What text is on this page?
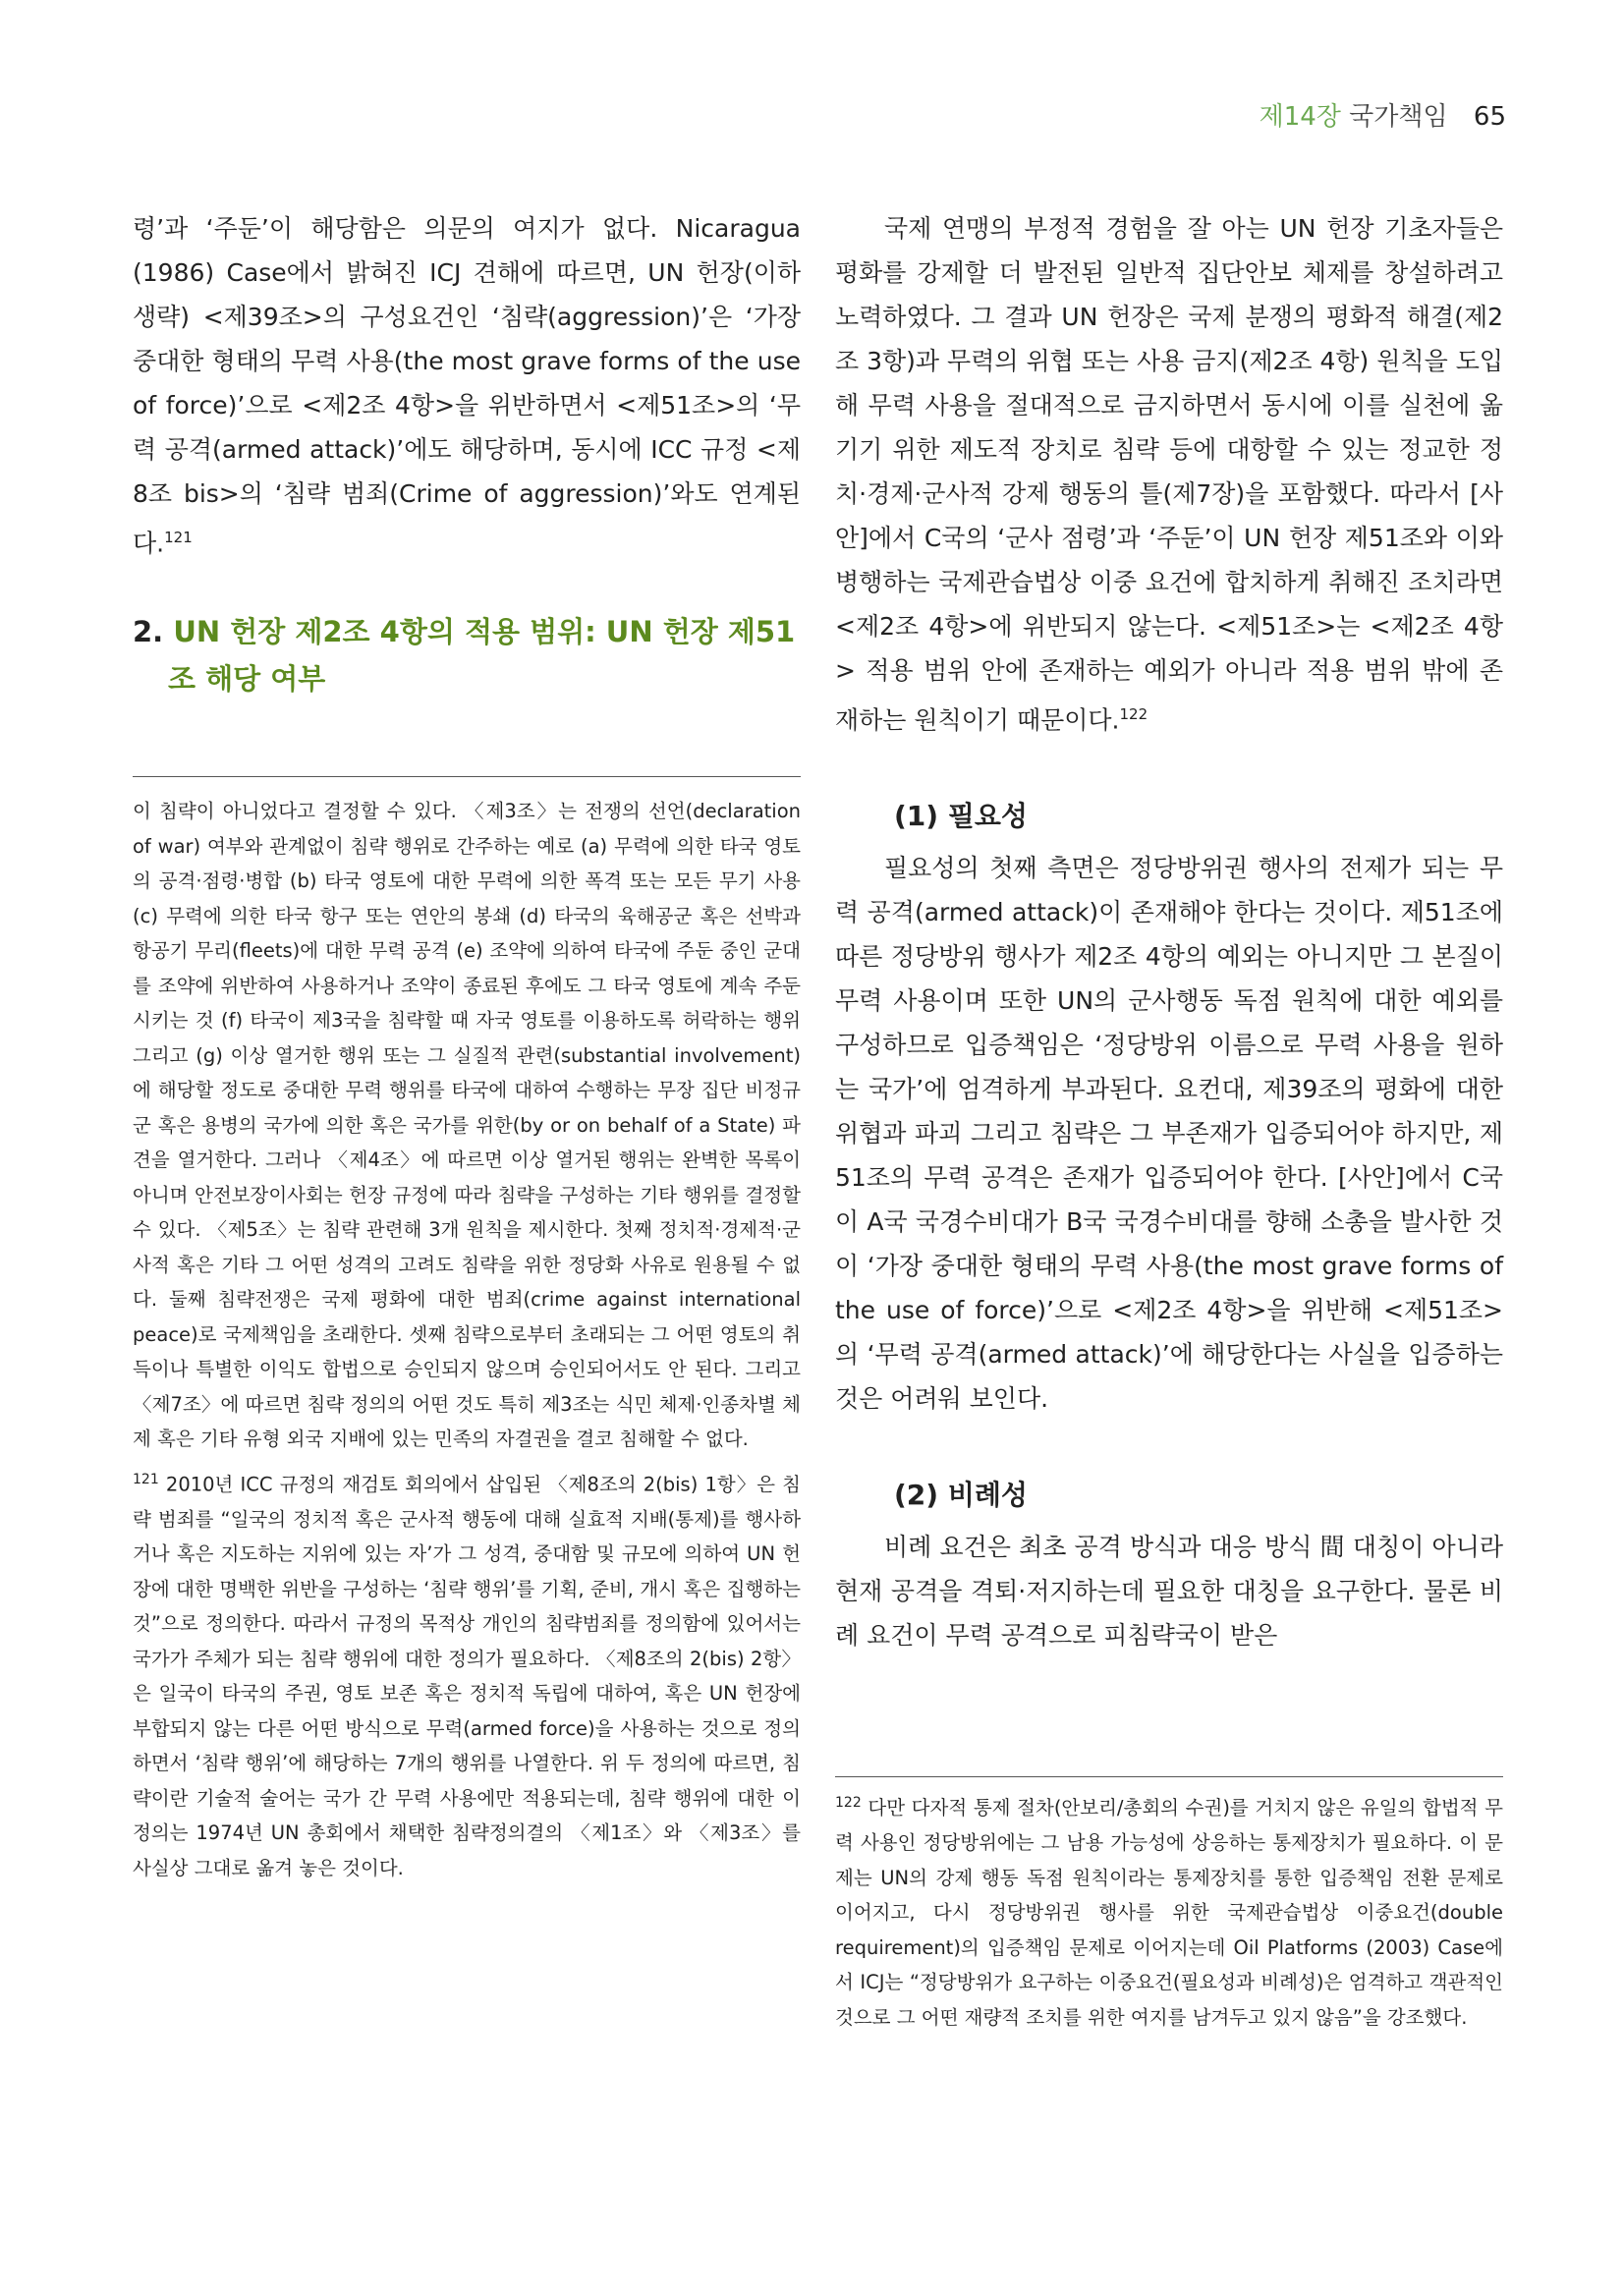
제14장 국가책임 65

령’과 ‘주둔’이 해당함은 의문의 여지가 없다. Nicaragua (1986) Case에서 밝혀진 ICJ 견해에 따르면, UN 헌장(이하 생략) <제39조>의 구성요건인 ‘침략(aggression)’은 ‘가장 중대한 형태의 무력 사용(the most grave forms of the use of force)’으로 <제2조 4항>을 위반하면서 <제51조>의 ‘무력 공격(armed attack)’에도 해당하며, 동시에 ICC 규정 <제8조 bis>의 ‘침략 범죄(Crime of aggression)’와도 연계된다.$^{121}$

2. UN 헌장 제2조 4항의 적용 범위: UN 헌장 제51조 해당 여부

이 침략이 아니었다고 결정할 수 있다. 〈제3조〉는 전쟁의 선언(declaration of war) 여부와 관계없이 침략 행위로 간주하는 예로 (a) 무력에 의한 타국 영토의 공격·점령·병합 (b) 타국 영토에 대한 무력에 의한 폭격 또는 모든 무기 사용 (c) 무력에 의한 타국 항구 또는 연안의 봉쇄 (d) 타국의 육해공군 혹은 선박과 항공기 무리(fleets)에 대한 무력 공격 (e) 조약에 의하여 타국에 주둔 중인 군대를 조약에 위반하여 사용하거나 조약이 종료된 후에도 그 타국 영토에 계속 주둔시키는 것 (f) 타국이 제3국을 침략할 때 자국 영토를 이용하도록 허락하는 행위 그리고 (g) 이상 열거한 행위 또는 그 실질적 관련(substantial involvement)에 해당할 정도로 중대한 무력 행위를 타국에 대하여 수행하는 무장 집단 비정규군 혹은 용병의 국가에 의한 혹은 국가를 위한(by or on behalf of a State) 파견을 열거한다. 그러나 〈제4조〉에 따르면 이상 열거된 행위는 완벽한 목록이 아니며 안전보장이사회는 헌장 규정에 따라 침략을 구성하는 기타 행위를 결정할 수 있다. 〈제5조〉는 침략 관련해 3개 원칙을 제시한다. 첫째 정치적·경제적·군사적 혹은 기타 그 어떤 성격의 고려도 침략을 위한 정당화 사유로 원용될 수 없다. 둘째 침략전쟁은 국제 평화에 대한 범죄(crime against international peace)로 국제책임을 초래한다. 셋째 침략으로부터 초래되는 그 어떤 영토의 취득이나 특별한 이익도 합법으로 승인되지 않으며 승인되어서도 안 된다. 그리고 〈제7조〉에 따르면 침략 정의의 어떤 것도 특히 제3조는 식민 체제·인종차별 체제 혹은 기타 유형 외국 지배에 있는 민족의 자결권을 결코 침해할 수 없다.

$^{121}$ 2010년 ICC 규정의 재검토 회의에서 삽입된 〈제8조의 2(bis) 1항〉은 침략 범죄를 “일국의 정치적 혹은 군사적 행동에 대해 실효적 지배(통제)를 행사하거나 혹은 지도하는 지위에 있는 자’가 그 성격, 중대함 및 규모에 의하여 UN 헌장에 대한 명백한 위반을 구성하는 ‘침략 행위’를 기획, 준비, 개시 혹은 집행하는 것”으로 정의한다. 따라서 규정의 목적상 개인의 침략범죄를 정의함에 있어서는 국가가 주체가 되는 침략 행위에 대한 정의가 필요하다. 〈제8조의 2(bis) 2항〉은 일국이 타국의 주권, 영토 보존 혹은 정치적 독립에 대하여, 혹은 UN 헌장에 부합되지 않는 다른 어떤 방식으로 무력(armed force)을 사용하는 것으로 정의하면서 ‘침략 행위’에 해당하는 7개의 행위를 나열한다. 위 두 정의에 따르면, 침략이란 기술적 술어는 국가 간 무력 사용에만 적용되는데, 침략 행위에 대한 이 정의는 1974년 UN 총회에서 채택한 침략정의결의 〈제1조〉와 〈제3조〉를 사실상 그대로 옮겨 놓은 것이다.

국제 연맹의 부정적 경험을 잘 아는 UN 헌장 기초자들은 평화를 강제할 더 발전된 일반적 집단안보 체제를 창설하려고 노력하였다. 그 결과 UN 헌장은 국제 분쟁의 평화적 해결(제2조 3항)과 무력의 위협 또는 사용 금지(제2조 4항) 원칙을 도입해 무력 사용을 절대적으로 금지하면서 동시에 이를 실천에 옮기기 위한 제도적 장치로 침략 등에 대항할 수 있는 정교한 정치·경제·군사적 강제 행동의 틀(제7장)을 포함했다. 따라서 [사안]에서 C국의 ‘군사 점령’과 ‘주둔’이 UN 헌장 제51조와 이와 병행하는 국제관습법상 이중 요건에 합치하게 취해진 조치라면 <제2조 4항>에 위반되지 않는다. <제51조>는 <제2조 4항> 적용 범위 안에 존재하는 예외가 아니라 적용 범위 밖에 존재하는 원칙이기 때문이다.$^{122}$

(1) 필요성

필요성의 첫째 측면은 정당방위권 행사의 전제가 되는 무력 공격(armed attack)이 존재해야 한다는 것이다. 제51조에 따른 정당방위 행사가 제2조 4항의 예외는 아니지만 그 본질이 무력 사용이며 또한 UN의 군사행동 독점 원칙에 대한 예외를 구성하므로 입증책임은 ‘정당방위 이름으로 무력 사용을 원하는 국가’에 엄격하게 부과된다. 요컨대, 제39조의 평화에 대한 위협과 파괴 그리고 침략은 그 부존재가 입증되어야 하지만, 제51조의 무력 공격은 존재가 입증되어야 한다. [사안]에서 C국이 A국 국경수비대가 B국 국경수비대를 향해 소총을 발사한 것이 ‘가장 중대한 형태의 무력 사용(the most grave forms of the use of force)’으로 <제2조 4항>을 위반해 <제51조>의 ‘무력 공격(armed attack)’에 해당한다는 사실을 입증하는 것은 어려워 보인다.

(2) 비례성

비례 요건은 최초 공격 방식과 대응 방식 間 대칭이 아니라 현재 공격을 격퇴·저지하는데 필요한 대칭을 요구한다. 물론 비례 요건이 무력 공격으로 피침략국이 받은

$^{122}$ 다만 다자적 통제 절차(안보리/총회의 수권)를 거치지 않은 유일의 합법적 무력 사용인 정당방위에는 그 남용 가능성에 상응하는 통제장치가 필요하다. 이 문제는 UN의 강제 행동 독점 원칙이라는 통제장치를 통한 입증책임 전환 문제로 이어지고, 다시 정당방위권 행사를 위한 국제관습법상 이중요건(double requirement)의 입증책임 문제로 이어지는데 Oil Platforms (2003) Case에서 ICJ는 “정당방위가 요구하는 이중요건(필요성과 비례성)은 엄격하고 객관적인 것으로 그 어떤 재량적 조치를 위한 여지를 남겨두고 있지 않음”을 강조했다.
